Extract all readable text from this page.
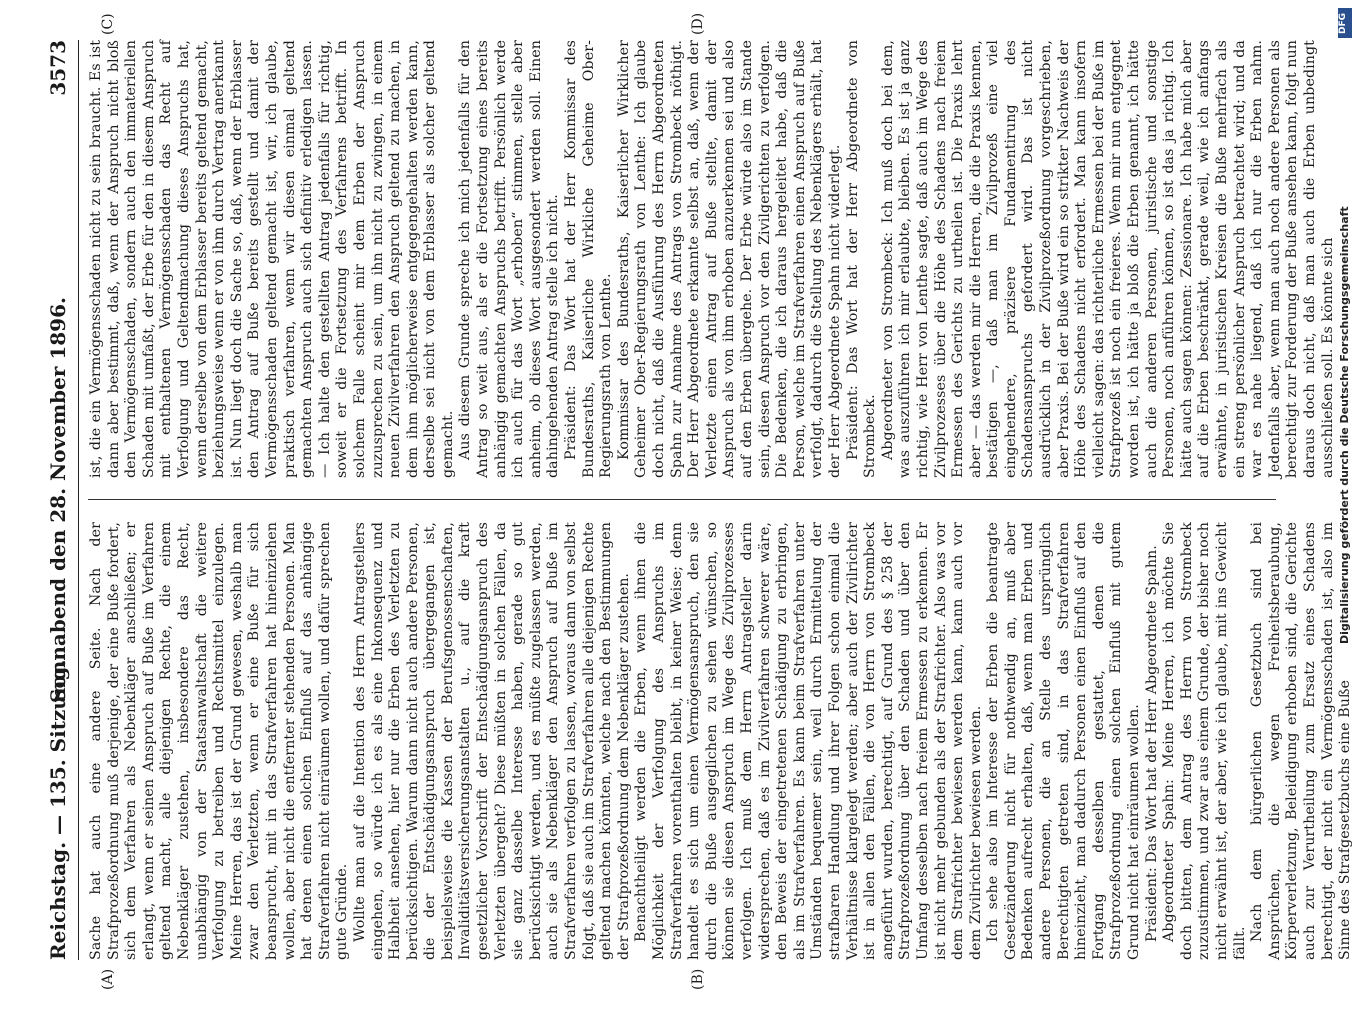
Reichstag. — 135. Sitzung.
Sonnabend den 28. November 1896.
3573
(A)	(B)
(C)	(D)

Sache hat auch eine andere Seite. Nach der Strafprozeßordnung muß derjenige, der eine Buße fordert, sich dem Verfahren als Nebenkläger anschließen; er erlangt, wenn er seinen Anspruch auf Buße im Verfahren geltend macht, alle diejenigen Rechte, die einem Nebenkläger zustehen, insbesondere das Recht, unabhängig von der Staatsanwaltschaft die weitere Verfolgung zu betreiben und Rechtsmittel einzulegen. Meine Herren, das ist der Grund gewesen, weshalb man zwar den Verletzten, wenn er eine Buße für sich beansprucht, mit in das Strafverfahren hat hineinziehen wollen, aber nicht die entfernter stehenden Personen. Man hat denen einen solchen Einfluß auf das anhängige Strafverfahren nicht einräumen wollen, und dafür sprechen gute Gründe. Wollte man auf die Intention des Herrn Antragstellers eingehen, so würde ich es als eine Inkonsequenz und Halbheit ansehen, hier nur die Erben des Verletzten zu berücksichtigen. Warum dann nicht auch andere Personen, die der Entschädigungsanspruch übergegangen ist, beispielsweise die Kassen der Berufsgenossenschaften, Invaliditätsversicherungsanstalten u., auf die kraft gesetzlicher Vorschrift der Entschädigungsanspruch des Verletzten übergeht? Diese müßten in solchen Fällen, da sie ganz dasselbe Interesse haben, gerade so gut berücksichtigt werden, und es müßte zugelassen werden, auch sie als Nebenkläger den Anspruch auf Buße im Strafverfahren verfolgen zu lassen, woraus dann von selbst folgt, daß sie auch im Strafverfahren alle diejenigen Rechte geltend machen könnten, welche nach den Bestimmungen der Strafprozeßordnung dem Nebenkläger zustehen. Benachtheiligt werden die Erben, wenn ihnen die Möglichkeit der Verfolgung des Anspruchs im Strafverfahren vorenthalten bleibt, in keiner Weise; denn handelt es sich um einen Vermögensanspruch, den sie durch die Buße ausgeglichen zu sehen wünschen, so können sie diesen Anspruch im Wege des Zivilprozesses verfolgen. Ich muß dem Herrn Antragsteller darin widersprechen, daß es im Zivilverfahren schwerer wäre, den Beweis der eingetretenen Schädigung zu erbringen, als im Strafverfahren. Es kann beim Strafverfahren unter Umständen bequemer sein, weil durch Ermittelung der strafbaren Handlung und ihrer Folgen schon einmal die Verhältnisse klargelegt werden; aber auch der Zivilrichter ist in allen den Fällen, die von Herrn von Strombeck angeführt wurden, berechtigt, auf Grund des § 258 der Strafprozeßordnung über den Schaden und über den Umfang desselben nach freiem Ermessen zu erkennen. Er ist nicht mehr gebunden als der Strafrichter. Also was vor dem Strafrichter bewiesen werden kann, kann auch vor dem Zivilrichter bewiesen werden. Ich sehe also im Interesse der Erben die beantragte Gesetzänderung nicht für nothwendig an, muß aber Bedenken aufrecht erhalten, daß, wenn man Erben und andere Personen, die an Stelle des ursprünglich Berechtigten getreten sind, in das Strafverfahren hineinzieht, man dadurch Personen einen Einfluß auf den Fortgang desselben gestattet, denen die Strafprozeßordnung einen solchen Einfluß mit gutem Grund nicht hat einräumen wollen. Präsident: Das Wort hat der Herr Abgeordnete Spahn. Abgeordneter Spahn: Meine Herren, ich möchte Sie doch bitten, dem Antrag des Herrn von Strombeck zuzustimmen, und zwar aus einem Grunde, der bisher noch nicht erwähnt ist, der aber, wie ich glaube, mit ins Gewicht fällt.

Nach dem bürgerlichen Gesetzbuch sind bei Ansprüchen, die wegen Freiheitsberaubung, Körperverletzung, Beleidigung erhoben sind, die Gerichte auch zur Verurtheilung zum Ersatz eines Schadens berechtigt, der nicht ein Vermögensschaden ist, also im Sinne des Strafgesetzbuchs eine Buße

ist, die ein Vermögensschaden nicht zu sein braucht. Es ist dann aber bestimmt, daß, wenn der Anspruch nicht bloß den Vermögensschaden, sondern auch den immateriellen Schaden mit umfaßt, der Erbe für den in diesem Anspruch mit enthaltenen Vermögensschaden das Recht auf Verfolgung und Geltendmachung dieses Anspruchs hat, wenn derselbe von dem Erblasser bereits geltend gemacht, beziehungsweise wenn er von ihm durch Vertrag anerkannt ist. Nun liegt doch die Sache so, daß, wenn der Erblasser den Antrag auf Buße bereits gestellt und damit der Vermögensschaden geltend gemacht ist, wir, ich glaube, praktisch verfahren, wenn wir diesen einmal geltend gemachten Anspruch auch sich definitiv erledigen lassen. — Ich halte den gestellten Antrag jedenfalls für richtig, soweit er die Fortsetzung des Verfahrens betrifft. In solchem Falle scheint mir dem Erben der Anspruch zuzusprechen zu sein, um ihn nicht zu zwingen, in einem neuen Zivilverfahren den Anspruch geltend zu machen, in dem ihm möglicherweise entgegengehalten werden kann, derselbe sei nicht von dem Erblasser als solcher geltend gemacht. Aus diesem Grunde spreche ich mich jedenfalls für den Antrag so weit aus, als er die Fortsetzung eines bereits anhängig gemachten Anspruchs betrifft. Persönlich werde ich auch für das Wort „erhoben“ stimmen, stelle aber anheim, ob dieses Wort ausgesondert werden soll. Einen dahingehenden Antrag stelle ich nicht. Präsident: Das Wort hat der Herr Kommissar des Bundesraths, Kaiserliche Wirkliche Geheime Ober-Regierungsrath von Lenthe. Kommissar des Bundesraths, Kaiserlicher Wirklicher Geheimer Ober-Regierungsrath von Lenthe: Ich glaube doch nicht, daß die Ausführung des Herrn Abgeordneten Spahn zur Annahme des Antrags von Strombeck nöthigt. Der Herr Abgeordnete erkannte selbst an, daß, wenn der Verletzte einen Antrag auf Buße stellte, damit der Anspruch als von ihm erhoben anzuerkennen sei und also auf den Erben übergehe. Der Erbe würde also im Stande sein, diesen Anspruch vor den Zivilgerichten zu verfolgen. Die Bedenken, die ich daraus hergeleitet habe, daß die Person, welche im Strafverfahren einen Anspruch auf Buße verfolgt, dadurch die Stellung des Nebenklägers erhält, hat der Herr Abgeordnete Spahn nicht widerlegt. Präsident: Das Wort hat der Herr Abgeordnete von Strombeck. Abgeordneter von Strombeck: Ich muß doch bei dem, was auszuführen ich mir erlaubte, bleiben. Es ist ja ganz richtig, wie Herr von Lenthe sagte, daß auch im Wege des Zivilprozesses über die Höhe des Schadens nach freiem Ermessen des Gerichts zu urtheilen ist. Die Praxis lehrt aber — das werden mir die Herren, die die Praxis kennen, bestätigen —, daß man im Zivilprozeß eine viel eingehendere, präzisere Fundamentirung des Schadensanspruchs gefordert wird. Das ist nicht ausdrücklich in der Zivilprozeßordnung vorgeschrieben, aber Praxis. Bei der Buße wird ein so strikter Nachweis der Höhe des Schadens nicht erfordert. Man kann insofern vielleicht sagen: das richterliche Ermessen bei der Buße im Strafprozeß ist noch ein freieres. Wenn mir nun entgegnet worden ist, ich hätte ja bloß die Erben genannt, ich hätte auch die anderen Personen, juristische und sonstige Personen, noch anführen können, so ist das ja richtig. Ich hätte auch sagen können: Zessionare. Ich habe mich aber auf die Erben beschränkt, gerade weil, wie ich anfangs erwähnte, in juristischen Kreisen die Buße mehrfach als ein streng persönlicher Anspruch betrachtet wird; und da war es nahe liegend, daß ich nur die Erben nahm. Jedenfalls aber, wenn man auch noch andere Personen als berechtigt zur Forderung der Buße ansehen kann, folgt nun daraus doch nicht, daß man auch die Erben unbedingt ausschließen soll. Es könnte sich

DFG
Digitalisierung gefördert durch die Deutsche Forschungsgemeinschaft
